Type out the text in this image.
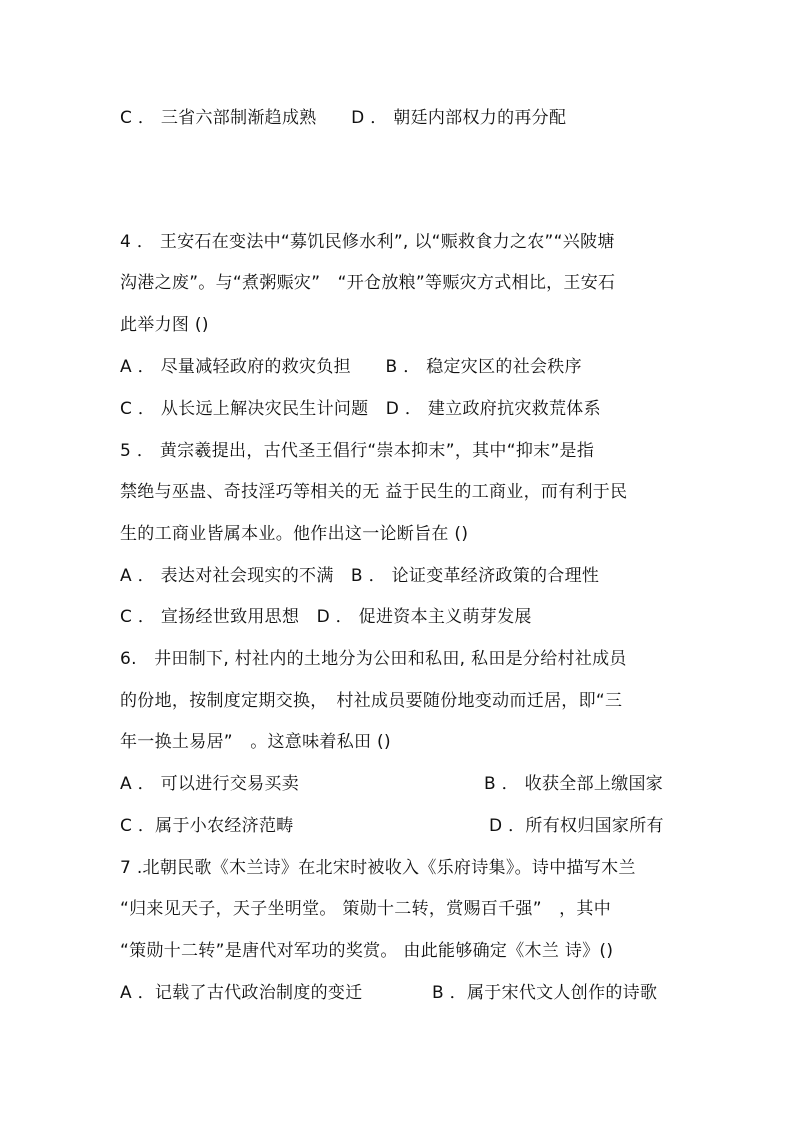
C ． 三省六部制渐趋成熟　　D ． 朝廷内部权力的再分配
4 ． 王安石在变法中“募饥民修水利”, 以“赈救食力之农”“兴陂塘
沟港之废”。与“煮粥赈灾”　“开仓放粮”等赈灾方式相比，王安石
此举力图 ()
A ． 尽量减轻政府的救灾负担　　B ． 稳定灾区的社会秩序
C ． 从长远上解决灾民生计问题　D ． 建立政府抗灾救荒体系
5 ． 黄宗羲提出，古代圣王倡行“崇本抑末”，其中“抑末”是指
禁绝与巫蛊、奇技淫巧等相关的无 益于民生的工商业，而有利于民
生的工商业皆属本业。他作出这一论断旨在 ()
A ． 表达对社会现实的不满　B ． 论证变革经济政策的合理性
C ． 宣扬经世致用思想　D ． 促进资本主义萌芽发展
6.　井田制下, 村社内的土地分为公田和私田, 私田是分给村社成员
的份地，按制度定期交换，　村社成员要随份地变动而迁居，即“三
年一换土易居”　。这意味着私田 ()
A ． 可以进行交易买卖	B ． 收获全部上缴国家
C ．属于小农经济范畴	D ．所有权归国家所有
7 .北朝民歌《木兰诗》在北宋时被收入《乐府诗集》。诗中描写木兰
“归来见天子，天子坐明堂。 策勋十二转，赏赐百千强”　，其中
“策勋十二转”是唐代对军功的奖赏。 由此能够确定《木兰 诗》()
A ．记载了古代政治制度的变迁	B ．属于宋代文人创作的诗歌
